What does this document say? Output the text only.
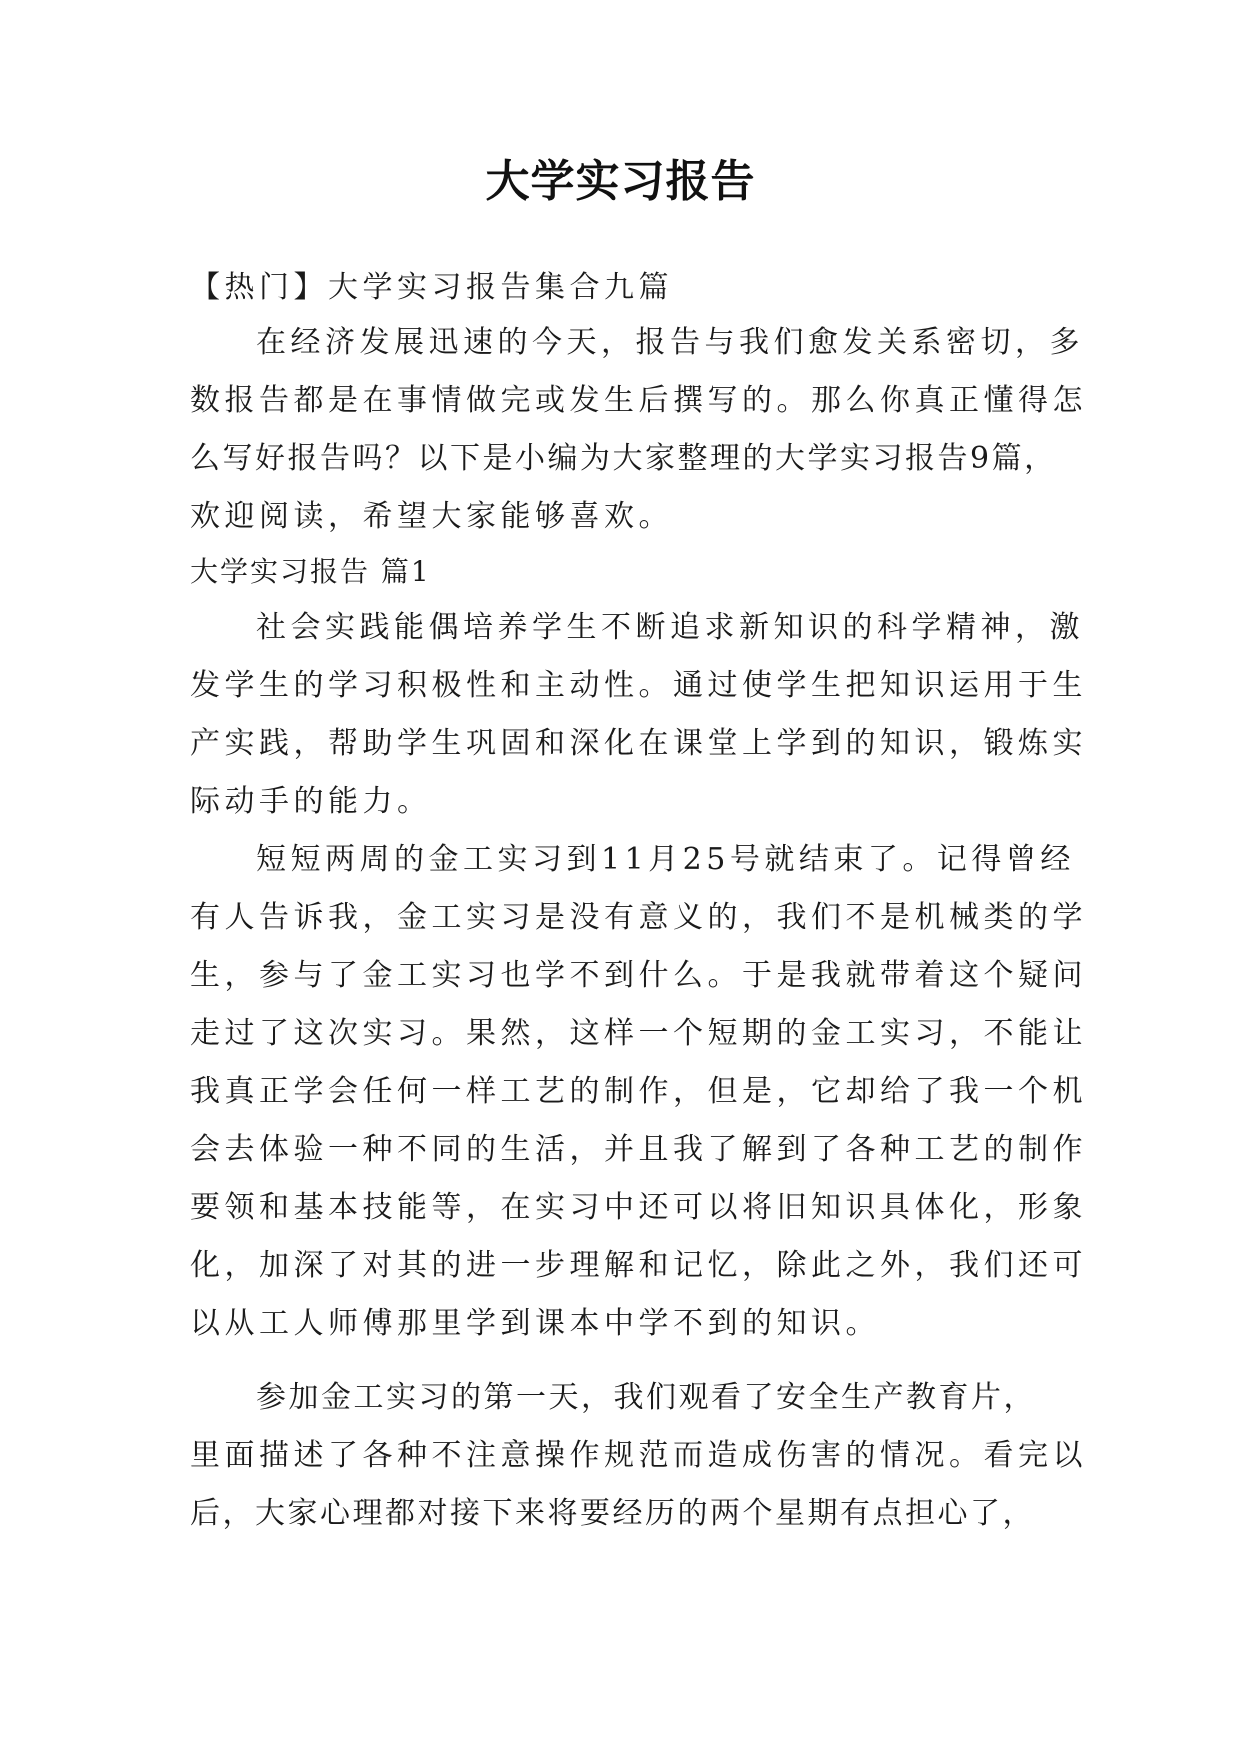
大学实习报告
【热门】大学实习报告集合九篇
在经济发展迅速的今天，报告与我们愈发关系密切，多
数报告都是在事情做完或发生后撰写的。那么你真正懂得怎
么写好报告吗？以下是小编为大家整理的大学实习报告9篇，
欢迎阅读，希望大家能够喜欢。
大学实习报告 篇1
社会实践能偶培养学生不断追求新知识的科学精神，激
发学生的学习积极性和主动性。通过使学生把知识运用于生
产实践，帮助学生巩固和深化在课堂上学到的知识，锻炼实
际动手的能力。
短短两周的金工实习到11月25号就结束了。记得曾经
有人告诉我，金工实习是没有意义的，我们不是机械类的学
生，参与了金工实习也学不到什么。于是我就带着这个疑问
走过了这次实习。果然，这样一个短期的金工实习，不能让
我真正学会任何一样工艺的制作，但是，它却给了我一个机
会去体验一种不同的生活，并且我了解到了各种工艺的制作
要领和基本技能等，在实习中还可以将旧知识具体化，形象
化，加深了对其的进一步理解和记忆，除此之外，我们还可
以从工人师傅那里学到课本中学不到的知识。
参加金工实习的第一天，我们观看了安全生产教育片，
里面描述了各种不注意操作规范而造成伤害的情况。看完以
后，大家心理都对接下来将要经历的两个星期有点担心了，
